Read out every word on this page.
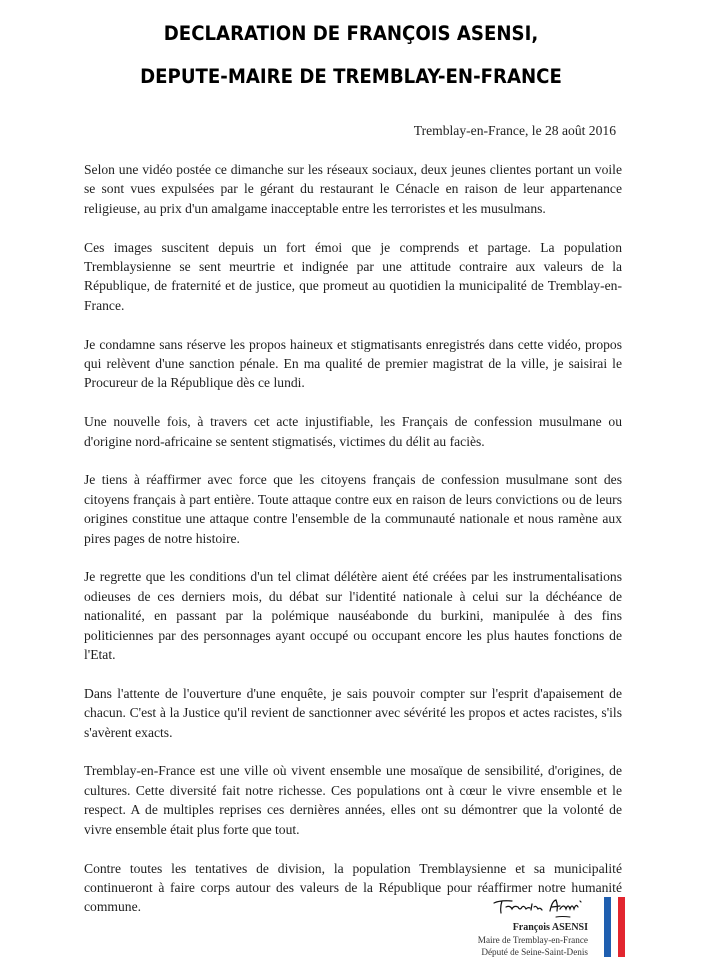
DECLARATION DE FRANÇOIS ASENSI,
DEPUTE-MAIRE DE TREMBLAY-EN-FRANCE
Tremblay-en-France, le 28 août 2016

Selon une vidéo postée ce dimanche sur les réseaux sociaux, deux jeunes clientes portant un voile se sont vues expulsées par le gérant du restaurant le Cénacle en raison de leur appartenance religieuse, au prix d'un amalgame inacceptable entre les terroristes et les musulmans.

Ces images suscitent depuis un fort émoi que je comprends et partage. La population Tremblaysienne se sent meurtrie et indignée par une attitude contraire aux valeurs de la République, de fraternité et de justice, que promeut au quotidien la municipalité de Tremblay-en-France.

Je condamne sans réserve les propos haineux et stigmatisants enregistrés dans cette vidéo, propos qui relèvent d'une sanction pénale. En ma qualité de premier magistrat de la ville, je saisirai le Procureur de la République dès ce lundi.

Une nouvelle fois, à travers cet acte injustifiable, les Français de confession musulmane ou d'origine nord-africaine se sentent stigmatisés, victimes du délit au faciès.

Je tiens à réaffirmer avec force que les citoyens français de confession musulmane sont des citoyens français à part entière. Toute attaque contre eux en raison de leurs convictions ou de leurs origines constitue une attaque contre l'ensemble de la communauté nationale et nous ramène aux pires pages de notre histoire.

Je regrette que les conditions d'un tel climat délétère aient été créées par les instrumentalisations odieuses de ces derniers mois, du débat sur l'identité nationale à celui sur la déchéance de nationalité, en passant par la polémique nauséabonde du burkini, manipulée à des fins politiciennes par des personnages ayant occupé ou occupant encore les plus hautes fonctions de l'Etat.

Dans l'attente de l'ouverture d'une enquête, je sais pouvoir compter sur l'esprit d'apaisement de chacun. C'est à la Justice qu'il revient de sanctionner avec sévérité les propos et actes racistes, s'ils s'avèrent exacts.

Tremblay-en-France est une ville où vivent ensemble une mosaïque de sensibilité, d'origines, de cultures. Cette diversité fait notre richesse. Ces populations ont à cœur le vivre ensemble et le respect. A de multiples reprises ces dernières années, elles ont su démontrer que la volonté de vivre ensemble était plus forte que tout.

Contre toutes les tentatives de division, la population Tremblaysienne et sa municipalité continueront à faire corps autour des valeurs de la République pour réaffirmer notre humanité commune.

François ASENSI
Maire de Tremblay-en-France
Député de Seine-Saint-Denis
